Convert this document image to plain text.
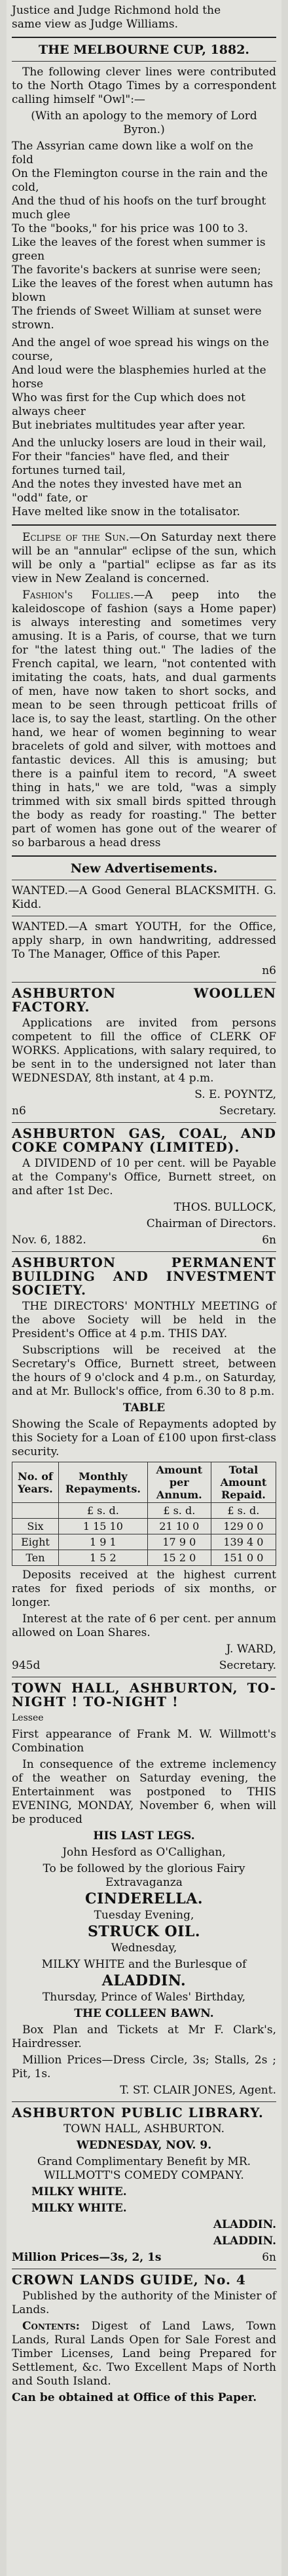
Justice and Judge Richmond hold the
same view as Judge Williams.

THE MELBOURNE CUP, 1882.

The following clever lines were contributed to the North Otago Times by a correspondent calling himself "Owl":—

(With an apology to the memory of Lord Byron.)

The Assyrian came down like a wolf on the fold

On the Flemington course in the rain and the cold,

And the thud of his hoofs on the turf brought much glee

To the "books," for his price was 100 to 3.

Like the leaves of the forest when summer is green

The favorite's backers at sunrise were seen;

Like the leaves of the forest when autumn has blown

The friends of Sweet William at sunset were strown.

And the angel of woe spread his wings on the course,

And loud were the blasphemies hurled at the horse

Who was first for the Cup which does not always cheer

But inebriates multitudes year after year.

And the unlucky losers are loud in their wail,

For their "fancies" have fled, and their fortunes turned tail,

And the notes they invested have met an "odd" fate, or

Have melted like snow in the totalisator.

Eclipse of the Sun.—On Saturday next there will be an "annular" eclipse of the sun, which will be only a "partial" eclipse as far as its view in New Zealand is concerned.

Fashion's Follies.—A peep into the kaleidoscope of fashion (says a Home paper) is always interesting and sometimes very amusing. It is a Paris, of course, that we turn for "the latest thing out." The ladies of the French capital, we learn, "not contented with imitating the coats, hats, and dual garments of men, have now taken to short socks, and mean to be seen through petticoat frills of lace is, to say the least, startling. On the other hand, we hear of women beginning to wear bracelets of gold and silver, with mottoes and fantastic devices. All this is amusing; but there is a painful item to record, "A sweet thing in hats," we are told, "was a simply trimmed with six small birds spitted through the body as ready for roasting." The better part of women has gone out of the wearer of so barbarous a head dress

New Advertisements.

WANTED.—A Good General BLACKSMITH. G. Kidd.

WANTED.—A smart YOUTH, for the Office, apply sharp, in own handwriting, addressed To The Manager, Office of this Paper.

n6

ASHBURTON WOOLLEN FACTORY.

Applications are invited from persons competent to fill the office of CLERK OF WORKS. Applications, with salary required, to be sent in to the undersigned not later than WEDNESDAY, 8th instant, at 4 p.m.

S. E. POYNTZ,

n6	Secretary.

ASHBURTON GAS, COAL, AND COKE COMPANY (LIMITED).

A DIVIDEND of 10 per cent. will be Payable at the Company's Office, Burnett street, on and after 1st Dec.

THOS. BULLOCK,

Chairman of Directors.

Nov. 6, 1882.	6n

ASHBURTON PERMANENT BUILDING AND INVESTMENT SOCIETY.

THE DIRECTORS' MONTHLY MEETING of the above Society will be held in the President's Office at 4 p.m. THIS DAY.

Subscriptions will be received at the Secretary's Office, Burnett street, between the hours of 9 o'clock and 4 p.m., on Saturday, and at Mr. Bullock's office, from 6.30 to 8 p.m.

TABLE

Showing the Scale of Repayments adopted by this Society for a Loan of £100 upon first-class security.

No. of Years.	Monthly Repayments.	Amount per Annum.	Total Amount Repaid.
	£ s. d.	£ s. d.	£ s. d.
Six	1 15 10	21 10 0	129 0 0
Eight	1 9 1	17 9 0	139 4 0
Ten	1 5 2	15 2 0	151 0 0

Deposits received at the highest current rates for fixed periods of six months, or longer.

Interest at the rate of 6 per cent. per annum allowed on Loan Shares.

J. WARD,

945d	Secretary.

TOWN HALL, ASHBURTON, TO-NIGHT ! TO-NIGHT !

Lessee

First appearance of Frank M. W. Willmott's Combination

In consequence of the extreme inclemency of the weather on Saturday evening, the Entertainment was postponed to THIS EVENING, MONDAY, November 6, when will be produced

HIS LAST LEGS.

John Hesford as O'Callighan,

To be followed by the glorious Fairy Extravaganza

CINDERELLA.

Tuesday Evening,

STRUCK OIL.

Wednesday,

MILKY WHITE and the Burlesque of

ALADDIN.

Thursday, Prince of Wales' Birthday,

THE COLLEEN BAWN.

Box Plan and Tickets at Mr F. Clark's, Hairdresser.

Million Prices—Dress Circle, 3s; Stalls, 2s ; Pit, 1s.

T. ST. CLAIR JONES, Agent.

ASHBURTON PUBLIC LIBRARY.

TOWN HALL, ASHBURTON.

WEDNESDAY, NOV. 9.

Grand Complimentary Benefit by MR. WILLMOTT'S COMEDY COMPANY.

MILKY WHITE.

MILKY WHITE.

ALADDIN.

ALADDIN.

Million Prices—3s, 2, 1s	6n

CROWN LANDS GUIDE, No. 4

Published by the authority of the Minister of Lands.

Contents: Digest of Land Laws, Town Lands, Rural Lands Open for Sale Forest and Timber Licenses, Land being Prepared for Settlement, &c. Two Excellent Maps of North and South Island.

Can be obtained at Office of this Paper.
